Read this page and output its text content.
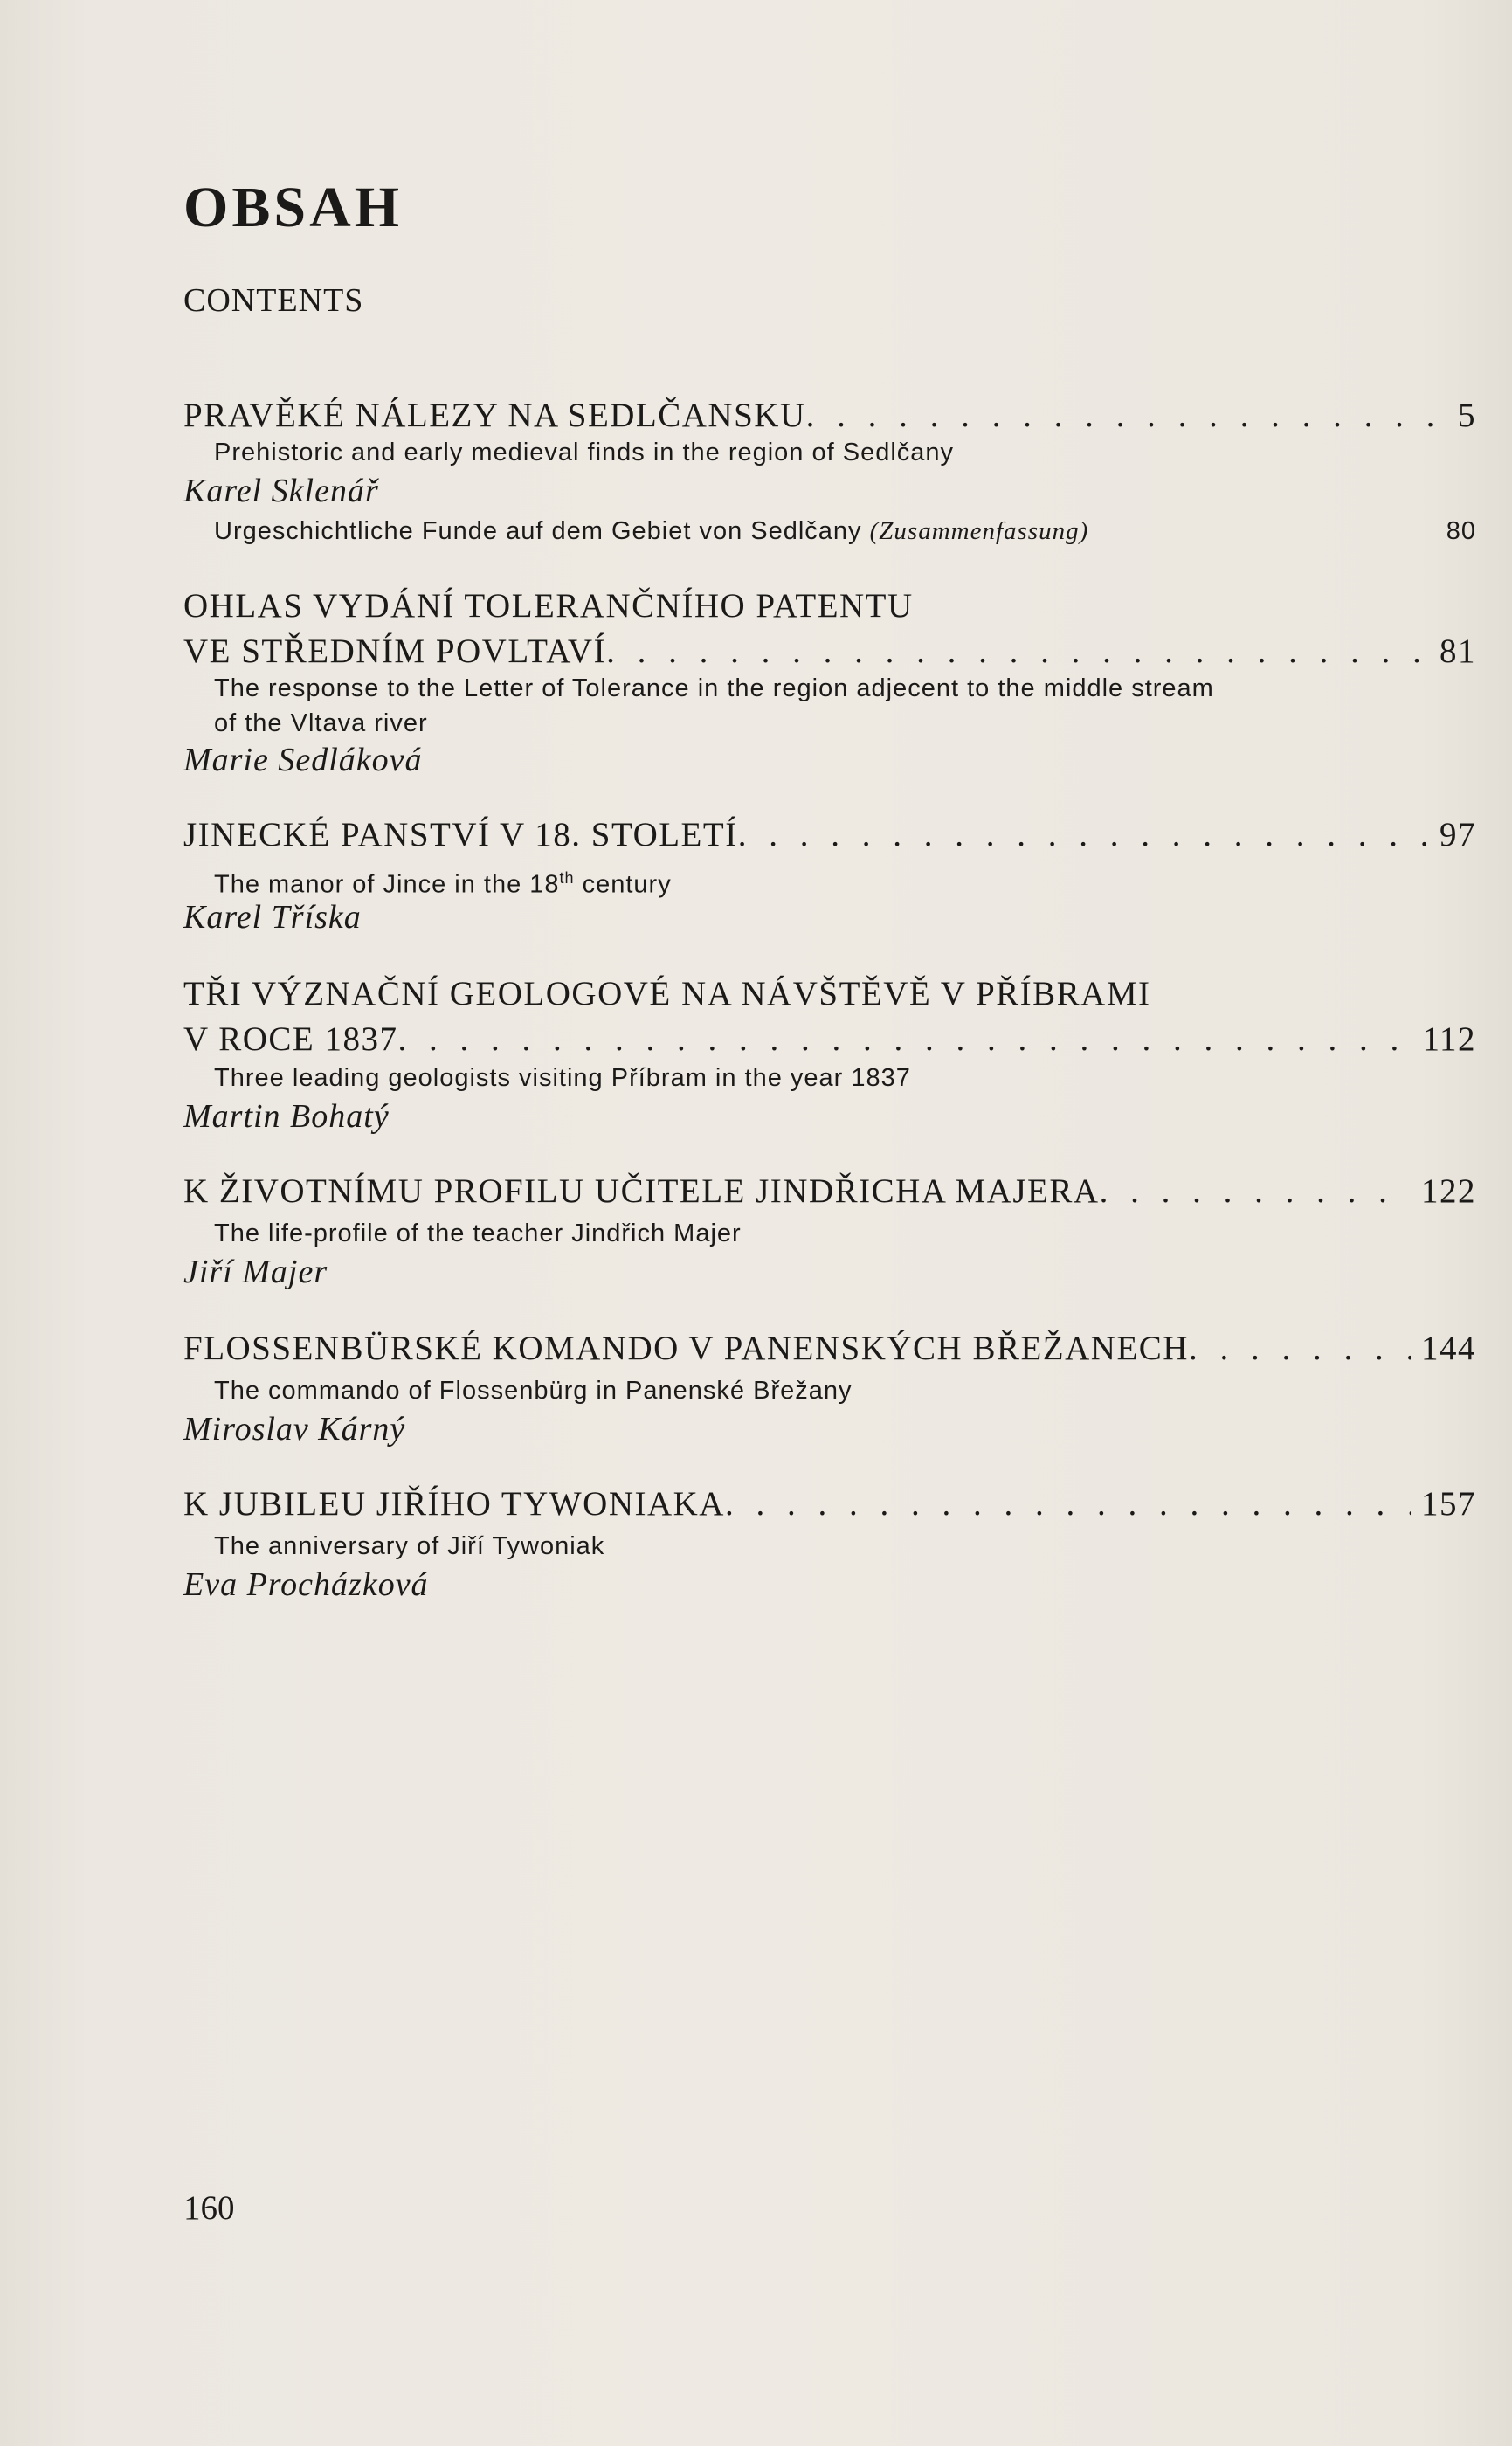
OBSAH
CONTENTS
PRAVĚKÉ NÁLEZY NA SEDLČANSKU . . .	5
Prehistoric and early medieval finds in the region of Sedlčany
Karel Sklenář
Urgeschichtliche Funde auf dem Gebiet von Sedlčany
(Zusammenfassung)	80
OHLAS VYDÁNÍ TOLERANČNÍHO PATENTU
VE STŘEDNÍM POVLTAVÍ . . .	81
The response to the Letter of Tolerance in the region adjecent to the middle stream
of the Vltava river
Marie Sedláková
JINECKÉ PANSTVÍ V 18. STOLETÍ . . .	97
The manor of Jince in the 18th century
Karel Tříska
TŘI VÝZNAČNÍ GEOLOGOVÉ NA NÁVŠTĚVĚ V PŘÍBRAMI
V ROCE 1837 . . .	112
Three leading geologists visiting Příbram in the year 1837
Martin Bohatý
K ŽIVOTNÍMU PROFILU UČITELE JINDŘICHA MAJERA . . .	122
The life-profile of the teacher Jindřich Majer
Jiří Majer
FLOSSENBÜRSKÉ KOMANDO V PANENSKÝCH BŘEŽANECH . . .	144
The commando of Flossenbürg in Panenské Břežany
Miroslav Kárný
K JUBILEU JIŘÍHO TYWONIAKA . . .	157
The anniversary of Jiří Tywoniak
Eva Procházková
160
